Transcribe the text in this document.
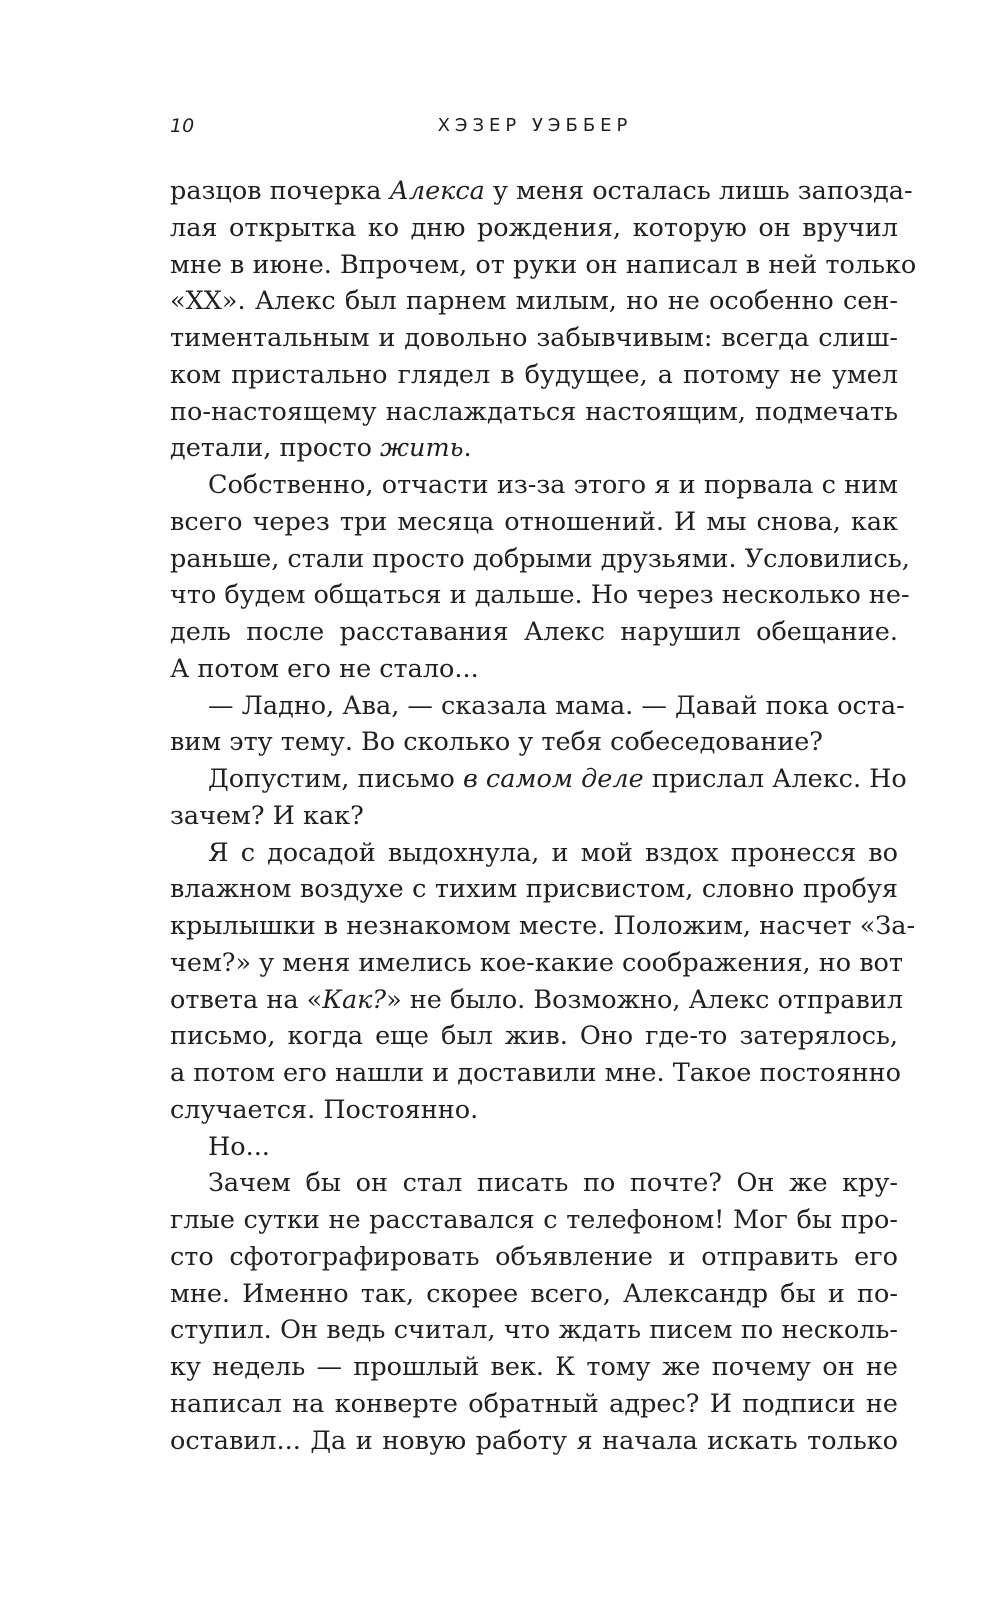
10	ХЭЗЕР УЭББЕР
разцов почерка Алекса у меня осталась лишь запозда-
лая открытка ко дню рождения, которую он вручил
мне в июне. Впрочем, от руки он написал в ней только
«XX». Алекс был парнем милым, но не особенно сен-
тиментальным и довольно забывчивым: всегда слиш-
ком пристально глядел в будущее, а потому не умел
по-настоящему наслаждаться настоящим, подмечать
детали, просто жить.
Собственно, отчасти из-за этого я и порвала с ним
всего через три месяца отношений. И мы снова, как
раньше, стали просто добрыми друзьями. Условились,
что будем общаться и дальше. Но через несколько не-
дель после расставания Алекс нарушил обещание.
А потом его не стало...
— Ладно, Ава, — сказала мама. — Давай пока оста-
вим эту тему. Во сколько у тебя собеседование?
Допустим, письмо в самом деле прислал Алекс. Но
зачем? И как?
Я с досадой выдохнула, и мой вздох пронесся во
влажном воздухе с тихим присвистом, словно пробуя
крылышки в незнакомом месте. Положим, насчет «За-
чем?» у меня имелись кое-какие соображения, но вот
ответа на «Как?» не было. Возможно, Алекс отправил
письмо, когда еще был жив. Оно где-то затерялось,
а потом его нашли и доставили мне. Такое постоянно
случается. Постоянно.
Но...
Зачем бы он стал писать по почте? Он же кру-
глые сутки не расставался с телефоном! Мог бы про-
сто сфотографировать объявление и отправить его
мне. Именно так, скорее всего, Александр бы и по-
ступил. Он ведь считал, что ждать писем по несколь-
ку недель — прошлый век. К тому же почему он не
написал на конверте обратный адрес? И подписи не
оставил... Да и новую работу я начала искать только
